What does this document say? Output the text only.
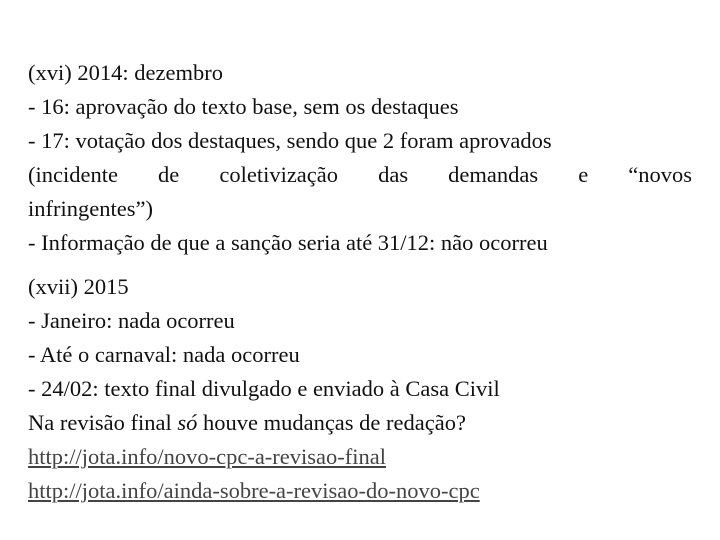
(xvi) 2014: dezembro
- 16: aprovação do texto base, sem os destaques
- 17: votação dos destaques, sendo que 2 foram aprovados
(incidente de coletivização das demandas e “novos
infringentes”)
- Informação de que a sanção seria até 31/12: não ocorreu
(xvii) 2015
- Janeiro: nada ocorreu
- Até o carnaval: nada ocorreu
- 24/02: texto final divulgado e enviado à Casa Civil
Na revisão final só houve mudanças de redação?
http://jota.info/novo-cpc-a-revisao-final
http://jota.info/ainda-sobre-a-revisao-do-novo-cpc
